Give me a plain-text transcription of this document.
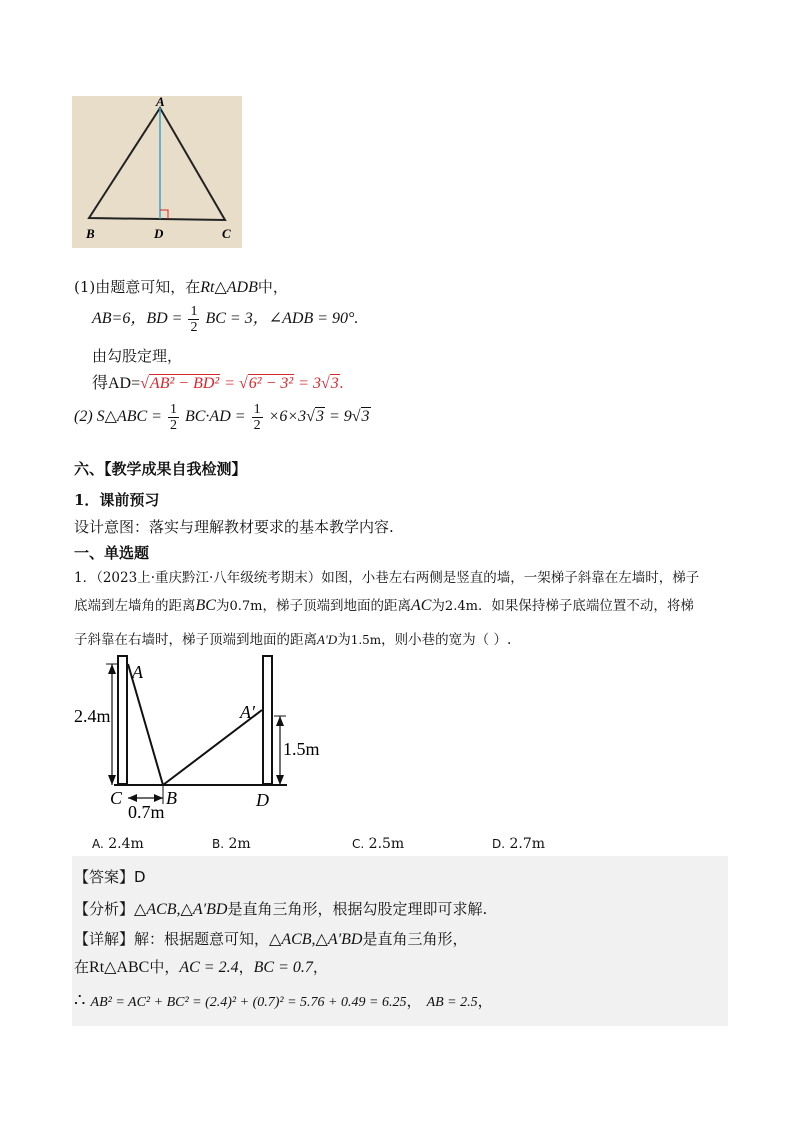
A
B	D	C
(1)由题意可知，在Rt△ADB中，
AB=6，BD = $\frac{1}{2}$ BC = 3，∠ADB = 90°.
由勾股定理，
得AD=√AB² − BD² = √6² − 3² = 3√3.
(2) S△ABC = $\frac{1}{2} BC\cdot AD = \frac{1}{2} \times 6\times 3√3 = 9√3$
六、【教学成果自我检测】
1．课前预习
设计意图：落实与理解教材要求的基本教学内容.
一、单选题
1．（2023上·重庆黔江·八年级统考期末）如图，小巷左右两侧是竖直的墙，一架梯子斜靠在左墙时，梯子
底端到左墙角的距离BC为0.7m，梯子顶端到地面的距离AC为2.4m．如果保持梯子底端位置不动，将梯
子斜靠在右墙时，梯子顶端到地面的距离A′D为1.5m，则小巷的宽为（ ）.
A
A′
C B	D
2.4m
1.5m
0.7m
A. 2.4m	B. 2m	C. 2.5m	D. 2.7m
【答案】D
【分析】△ACB,△A′BD是直角三角形，根据勾股定理即可求解.
【详解】解：根据题意可知，△ACB,△A′BD是直角三角形，
在Rt△ABC中，AC = 2.4，BC = 0.7，
∴ AB² = AC² + BC² = (2.4)² + (0.7)² = 5.76 + 0.49 = 6.25， AB = 2.5，
